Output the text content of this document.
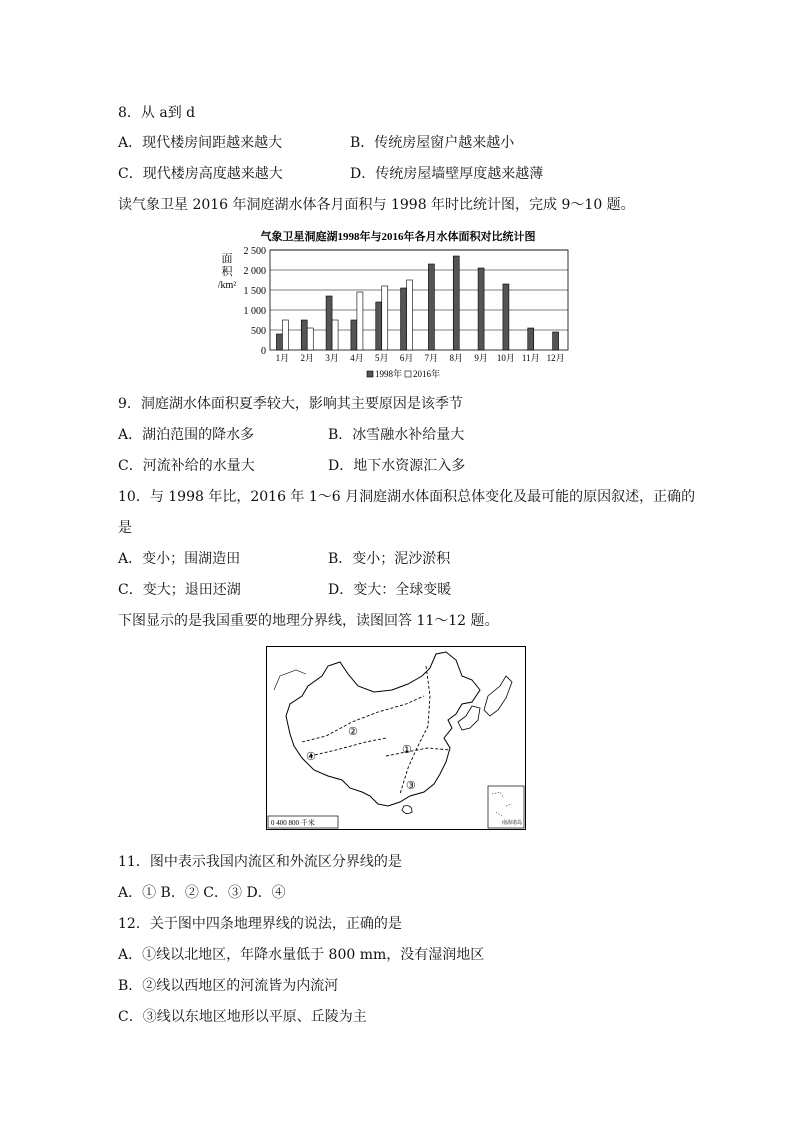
8．从 a到 d
A．现代楼房间距越来越大	B．传统房屋窗户越来越小
C．现代楼房高度越来越大	D．传统房屋墙壁厚度越来越薄
读气象卫星 2016 年洞庭湖水体各月面积与 1998 年时比统计图，完成 9～10 题。
气象卫星洞庭湖1998年与2016年各月水体面积对比统计图
面
积
/km²
0
500
1 000
1 500
2 000
2 500
1月 2月 3月 4月 5月 6月 7月 8月 9月 10月 11月 12月
1998年 2016年
9．洞庭湖水体面积夏季较大，影响其主要原因是该季节
A．湖泊范围的降水多	B．冰雪融水补给量大
C．河流补给的水量大	D．地下水资源汇入多
10．与 1998 年比，2016 年 1～6 月洞庭湖水体面积总体变化及最可能的原因叙述，正确的
是
A．变小；围湖造田	B．变小；泥沙淤积
C．变大；退田还湖	D．变大：全球变暖
下图显示的是我国重要的地理分界线，读图回答 11～12 题。
①
②
③
④
0 400 800 千米	南海诸岛
11．图中表示我国内流区和外流区分界线的是
A．① B．② C．③ D．④
12．关于图中四条地理界线的说法，正确的是
A．①线以北地区，年降水量低于 800 mm，没有湿润地区
B．②线以西地区的河流皆为内流河
C．③线以东地区地形以平原、丘陵为主
